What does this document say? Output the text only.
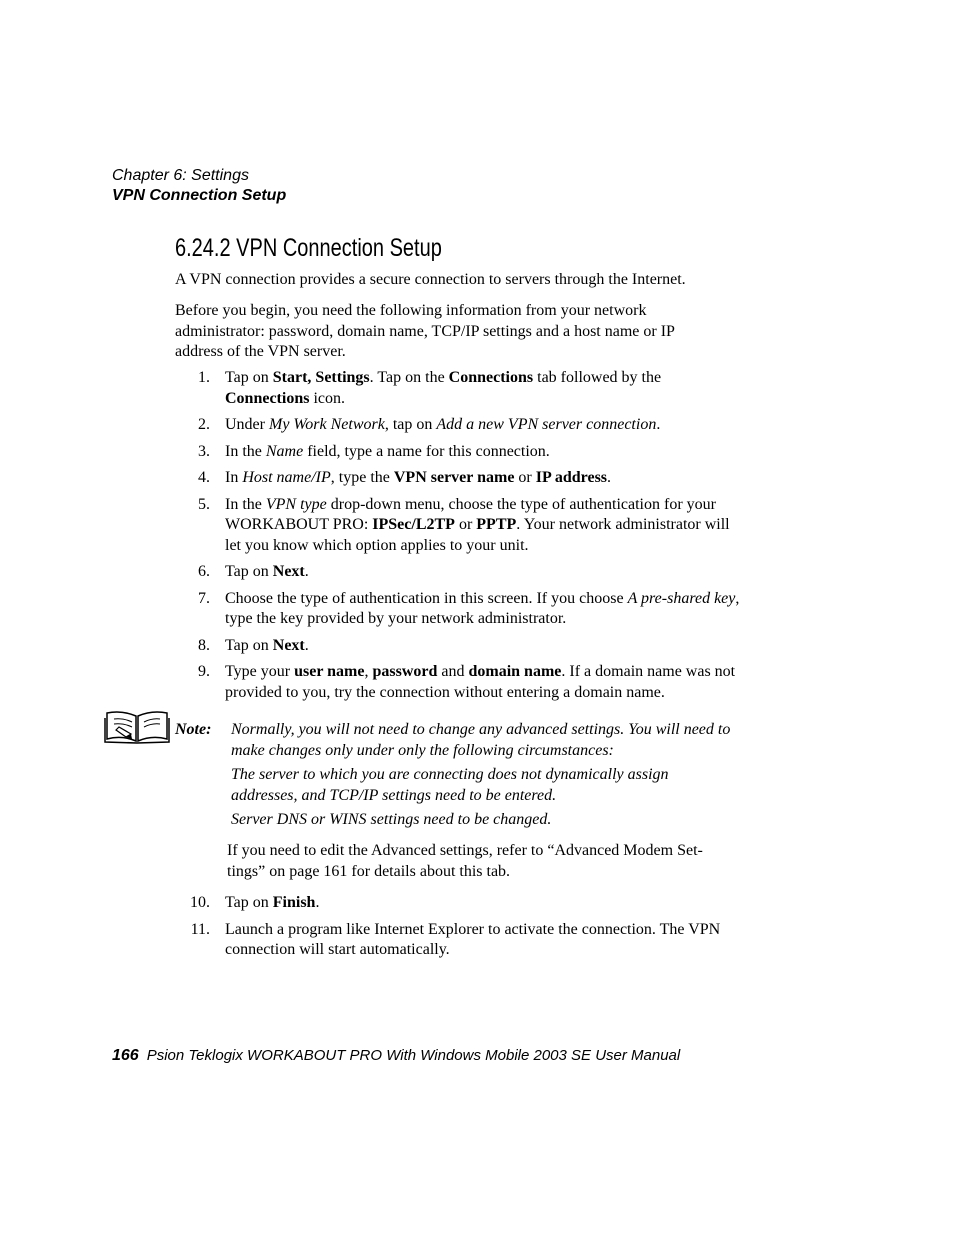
Chapter 6: Settings
VPN Connection Setup
6.24.2 VPN Connection Setup

A VPN connection provides a secure connection to servers through the Internet.

Before you begin, you need the following information from your network administrator: password, domain name, TCP/IP settings and a host name or IP address of the VPN server.

1. Tap on Start, Settings. Tap on the Connections tab followed by the Connections icon.
2. Under My Work Network, tap on Add a new VPN server connection.
3. In the Name field, type a name for this connection.
4. In Host name/IP, type the VPN server name or IP address.
5. In the VPN type drop-down menu, choose the type of authentication for your WORKABOUT PRO: IPSec/L2TP or PPTP. Your network administrator will let you know which option applies to your unit.
6. Tap on Next.
7. Choose the type of authentication in this screen. If you choose A pre-shared key, type the key provided by your network administrator.
8. Tap on Next.
9. Type your user name, password and domain name. If a domain name was not provided to you, try the connection without entering a domain name.
Note: Normally, you will not need to change any advanced settings. You will need to make changes only under only the following circumstances:

The server to which you are connecting does not dynamically assign addresses, and TCP/IP settings need to be entered.

Server DNS or WINS settings need to be changed.

If you need to edit the Advanced settings, refer to “Advanced Modem Set-tings” on page 161 for details about this tab.

10. Tap on Finish.
11. Launch a program like Internet Explorer to activate the connection. The VPN connection will start automatically.
166 Psion Teklogix WORKABOUT PRO With Windows Mobile 2003 SE User Manual
